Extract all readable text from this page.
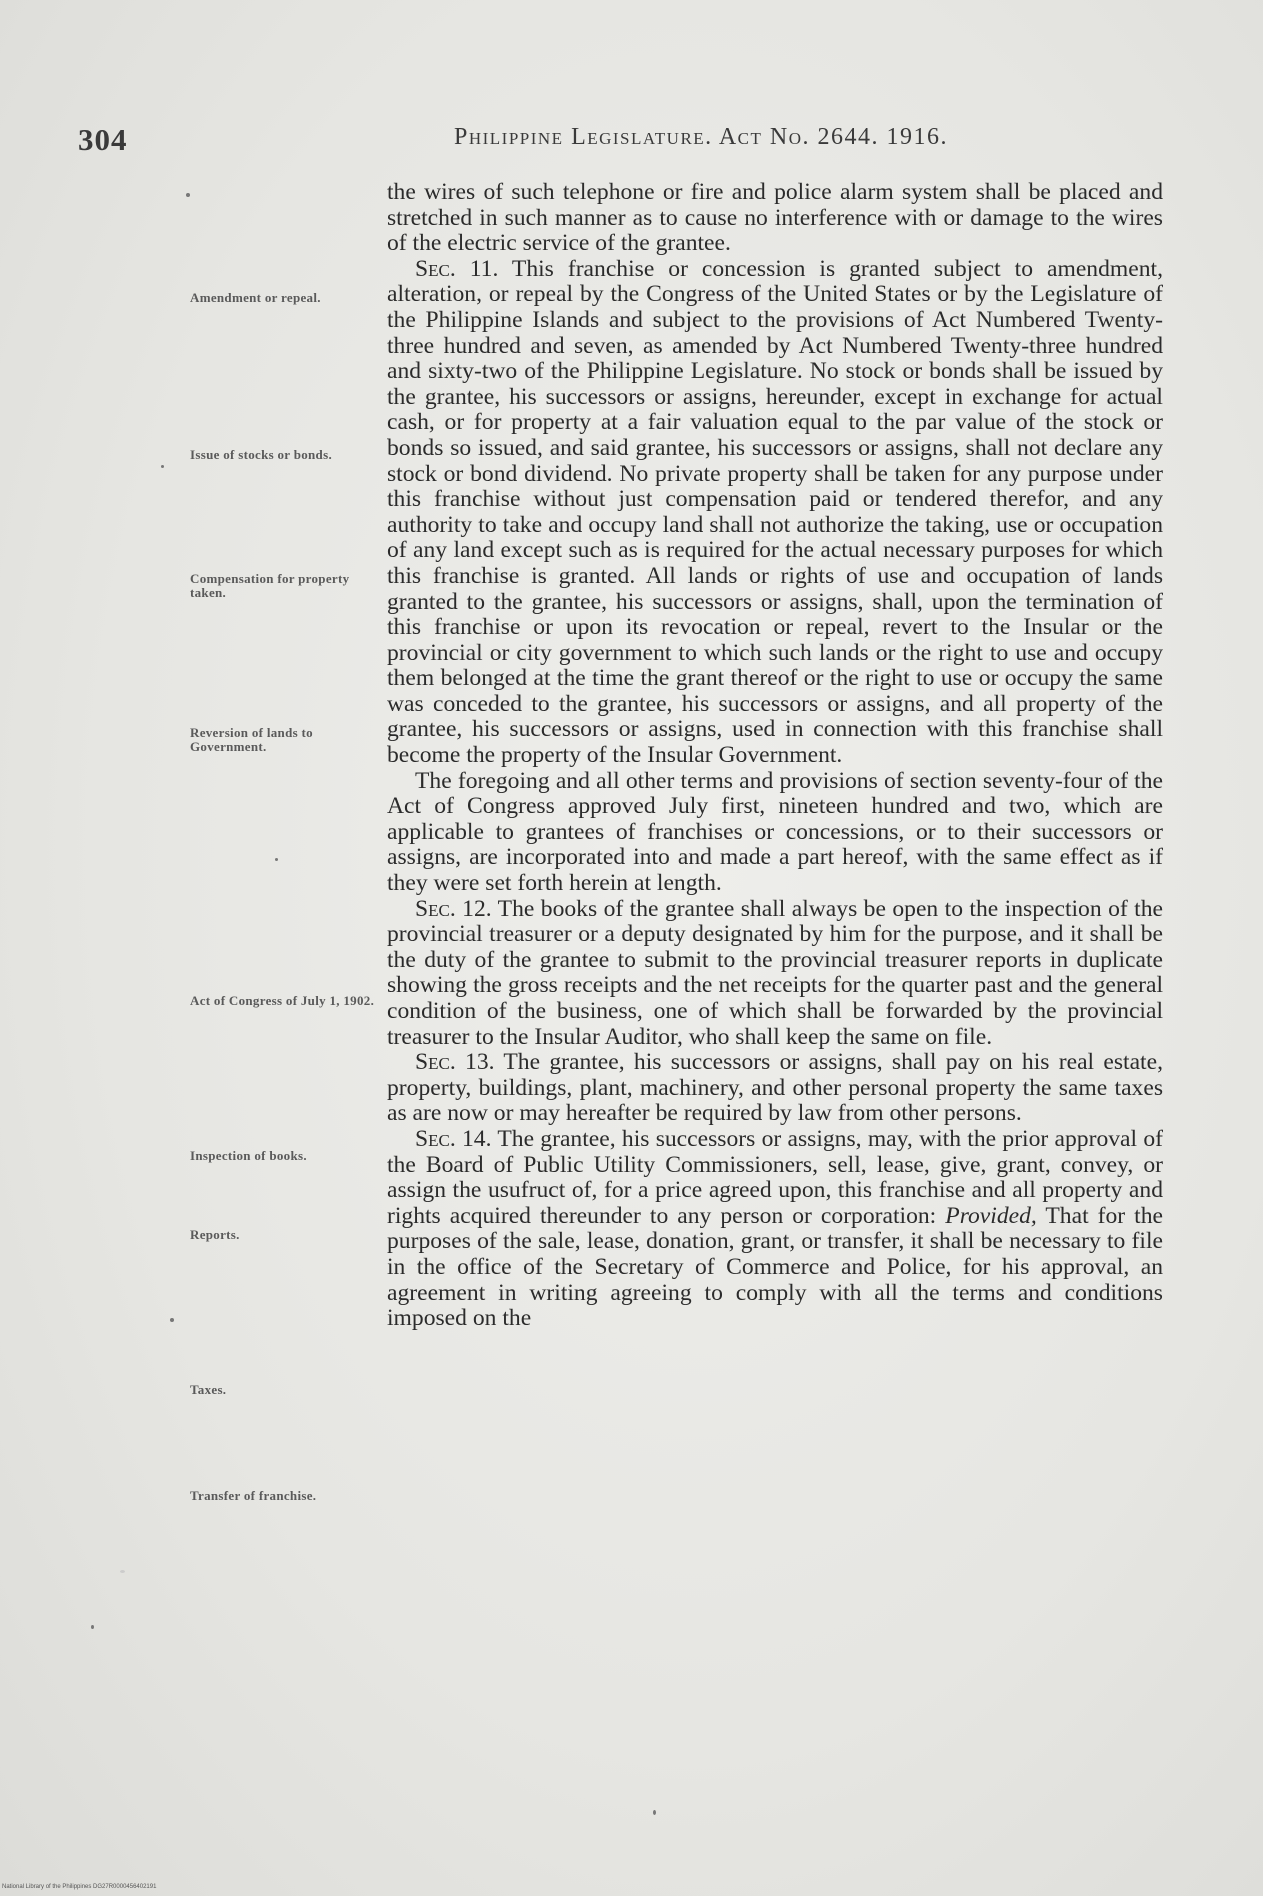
304	Philippine Legislature. Act No. 2644. 1916.
Amendment or repeal.
Issue of stocks or bonds.
Compensation for property taken.
Reversion of lands to Government.
Act of Congress of July 1, 1902.
Inspection of books.
Reports.
Taxes.
Transfer of franchise.

the wires of such telephone or fire and police alarm system shall be placed and stretched in such manner as to cause no interference with or damage to the wires of the electric service of the grantee.

Sec. 11. This franchise or concession is granted subject to amendment, alteration, or repeal by the Congress of the United States or by the Legislature of the Philippine Islands and subject to the provisions of Act Numbered Twenty-three hundred and seven, as amended by Act Numbered Twenty-three hundred and sixty-two of the Philippine Legislature. No stock or bonds shall be issued by the grantee, his successors or assigns, hereunder, except in exchange for actual cash, or for property at a fair valuation equal to the par value of the stock or bonds so issued, and said grantee, his successors or assigns, shall not declare any stock or bond dividend. No private property shall be taken for any purpose under this franchise without just compensation paid or tendered therefor, and any authority to take and occupy land shall not authorize the taking, use or occupation of any land except such as is required for the actual necessary purposes for which this franchise is granted. All lands or rights of use and occupation of lands granted to the grantee, his successors or assigns, shall, upon the termination of this franchise or upon its revocation or repeal, revert to the Insular or the provincial or city government to which such lands or the right to use and occupy them belonged at the time the grant thereof or the right to use or occupy the same was conceded to the grantee, his successors or assigns, and all property of the grantee, his successors or assigns, used in connection with this franchise shall become the property of the Insular Government.

The foregoing and all other terms and provisions of section seventy-four of the Act of Congress approved July first, nineteen hundred and two, which are applicable to grantees of franchises or concessions, or to their successors or assigns, are incorporated into and made a part hereof, with the same effect as if they were set forth herein at length.

Sec. 12. The books of the grantee shall always be open to the inspection of the provincial treasurer or a deputy designated by him for the purpose, and it shall be the duty of the grantee to submit to the provincial treasurer reports in duplicate showing the gross receipts and the net receipts for the quarter past and the general condition of the business, one of which shall be forwarded by the provincial treasurer to the Insular Auditor, who shall keep the same on file.

Sec. 13. The grantee, his successors or assigns, shall pay on his real estate, property, buildings, plant, machinery, and other personal property the same taxes as are now or may hereafter be required by law from other persons.

Sec. 14. The grantee, his successors or assigns, may, with the prior approval of the Board of Public Utility Commissioners, sell, lease, give, grant, convey, or assign the usufruct of, for a price agreed upon, this franchise and all property and rights acquired thereunder to any person or corporation: Provided, That for the purposes of the sale, lease, donation, grant, or transfer, it shall be necessary to file in the office of the Secretary of Commerce and Police, for his approval, an agreement in writing agreeing to comply with all the terms and conditions imposed on the

National Library of the Philippines DG27R0000456402191
